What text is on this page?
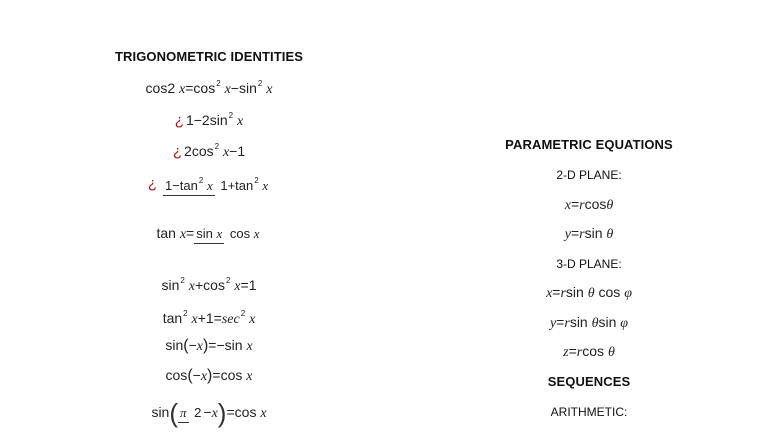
TRIGONOMETRIC IDENTITIES
cos2 x=cos2 x−sin2 x
¿ 1−2sin2 x
¿ 2cos2 x−1
¿ 1−tan2 x 1+tan2 x
tan x= sin x cos x
sin2 x+cos2 x=1
tan2 x+1=sec2 x
sin(−x)=−sin x
cos(−x)=cos x
sin( π 2 −x)=cos x
PARAMETRIC EQUATIONS
2-D PLANE:
x=rcosθ
y=rsin θ
3-D PLANE:
x=rsin θ cos φ
y=rsin θsin φ
z=rcos θ
SEQUENCES
ARITHMETIC:
